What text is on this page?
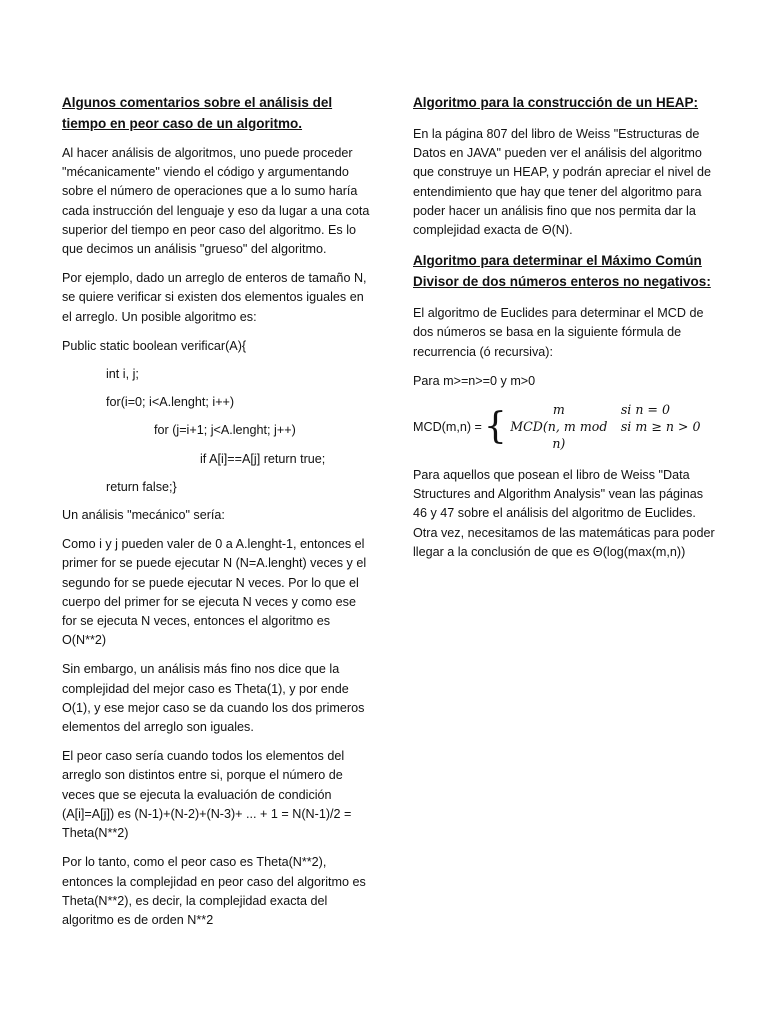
Algunos comentarios sobre el análisis del tiempo en peor caso de un algoritmo.

Al hacer análisis de algoritmos, uno puede proceder "mécanicamente" viendo el código y argumentando sobre el número de operaciones que a lo sumo haría cada instrucción del lenguaje y eso da lugar a una cota superior del tiempo en peor caso del algoritmo. Es lo que decimos un análisis "grueso" del algoritmo.

Por ejemplo, dado un arreglo de enteros de tamaño N, se quiere verificar si existen dos elementos iguales en el arreglo. Un posible algoritmo es:

Public static boolean verificar(A){
int i, j;
for(i=0; i<A.lenght; i++)
for (j=i+1; j<A.lenght; j++)
if A[i]==A[j] return true;
return false;}

Un análisis "mecánico" sería:

Como i y j pueden valer de 0 a A.lenght-1, entonces el primer for se puede ejecutar N (N=A.lenght) veces y el segundo for se puede ejecutar N veces. Por lo que el cuerpo del primer for se ejecuta N veces y como ese for se ejecuta N veces, entonces el algoritmo es O(N**2)

Sin embargo, un análisis más fino nos dice que la complejidad del mejor caso es Theta(1), y por ende O(1), y ese mejor caso se da cuando los dos primeros elementos del arreglo son iguales.

El peor caso sería cuando todos los elementos del arreglo son distintos entre si, porque el número de veces que se ejecuta la evaluación de condición (A[i]=A[j]) es (N-1)+(N-2)+(N-3)+ ... + 1 = N(N-1)/2 = Theta(N**2)

Por lo tanto, como el peor caso es Theta(N**2), entonces la complejidad en peor caso del algoritmo es Theta(N**2), es decir, la complejidad exacta del algoritmo es de orden N**2

Algoritmo para la construcción de un HEAP:

En la página 807 del libro de Weiss "Estructuras de Datos en JAVA" pueden ver el análisis del algoritmo que construye un HEAP, y podrán apreciar el nivel de entendimiento que hay que tener del algoritmo para poder hacer un análisis fino que nos permita dar la complejidad exacta de Θ(N).

Algoritmo para determinar el Máximo Común Divisor de dos números enteros no negativos:

El algoritmo de Euclides para determinar el MCD de dos números se basa en la siguiente fórmula de recurrencia (ó recursiva):

Para m>=n>=0 y m>0

MCD(m,n) = {	m	si n = 0
MCD(n, m mod n)
si m ≥ n > 0

Para aquellos que posean el libro de Weiss "Data Structures and Algorithm Analysis" vean las páginas 46 y 47 sobre el análisis del algoritmo de Euclides. Otra vez, necesitamos de las matemáticas para poder llegar a la conclusión de que es Θ(log(max(m,n))
